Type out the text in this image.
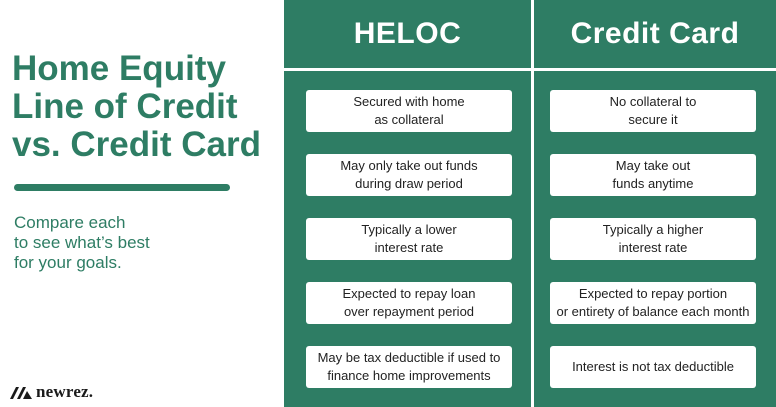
Home Equity
Line of Credit
vs. Credit Card

Compare each
to see what’s best
for your goals.

newrez.
HELOC	Credit Card
Secured with home
as collateral
May only take out funds
during draw period
Typically a lower
interest rate
Expected to repay loan
over repayment period
May be tax deductible if used to
finance home improvements
No collateral to
secure it
May take out
funds anytime
Typically a higher
interest rate
Expected to repay portion
or entirety of balance each month
Interest is not tax deductible
